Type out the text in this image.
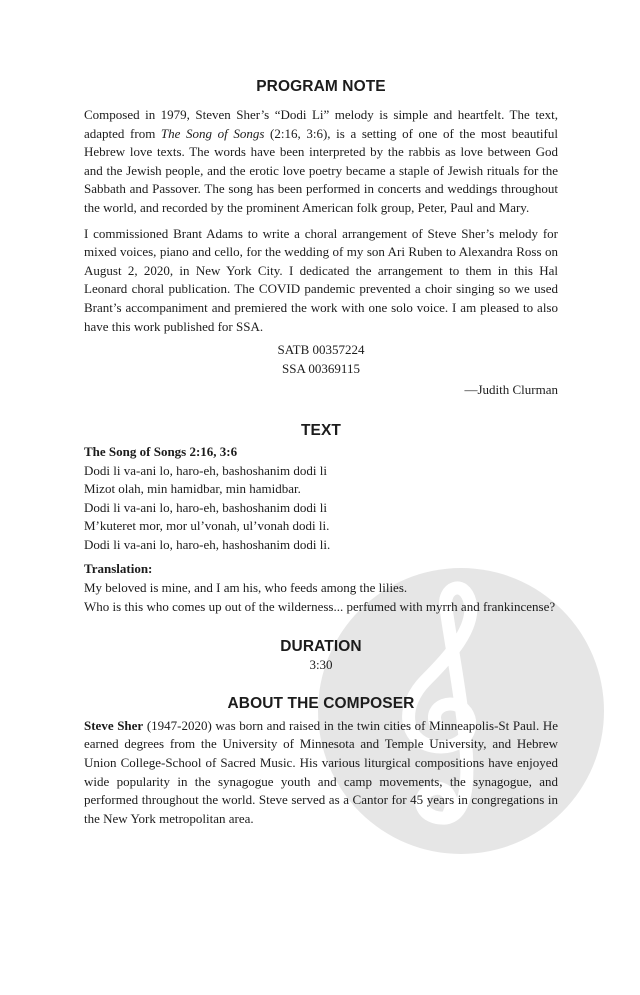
PROGRAM NOTE

Composed in 1979, Steven Sher’s “Dodi Li” melody is simple and heartfelt. The text, adapted from The Song of Songs (2:16, 3:6), is a setting of one of the most beautiful Hebrew love texts. The words have been interpreted by the rabbis as love between God and the Jewish people, and the erotic love poetry became a staple of Jewish rituals for the Sabbath and Passover. The song has been performed in concerts and weddings throughout the world, and recorded by the prominent American folk group, Peter, Paul and Mary.

I commissioned Brant Adams to write a choral arrangement of Steve Sher’s melody for mixed voices, piano and cello, for the wedding of my son Ari Ruben to Alexandra Ross on August 2, 2020, in New York City. I dedicated the arrangement to them in this Hal Leonard choral publication. The COVID pandemic prevented a choir singing so we used Brant’s accompaniment and premiered the work with one solo voice. I am pleased to also have this work published for SSA.

SATB 00357224

SSA 00369115

—Judith Clurman

TEXT

The Song of Songs 2:16, 3:6

Dodi li va-ani lo, haro-eh, bashoshanim dodi li

Mizot olah, min hamidbar, min hamidbar.

Dodi li va-ani lo, haro-eh, bashoshanim dodi li

M’kuteret mor, mor ul’vonah, ul’vonah dodi li.

Dodi li va-ani lo, haro-eh, hashoshanim dodi li.

Translation:

My beloved is mine, and I am his, who feeds among the lilies.

Who is this who comes up out of the wilderness... perfumed with myrrh and frankincense?

DURATION

3:30

ABOUT THE COMPOSER

Steve Sher (1947-2020) was born and raised in the twin cities of Minneapolis-St Paul. He earned degrees from the University of Minnesota and Temple University, and Hebrew Union College-School of Sacred Music. His various liturgical compositions have enjoyed wide popularity in the synagogue youth and camp movements, the synagogue, and performed throughout the world. Steve served as a Cantor for 45 years in congregations in the New York metropolitan area.
